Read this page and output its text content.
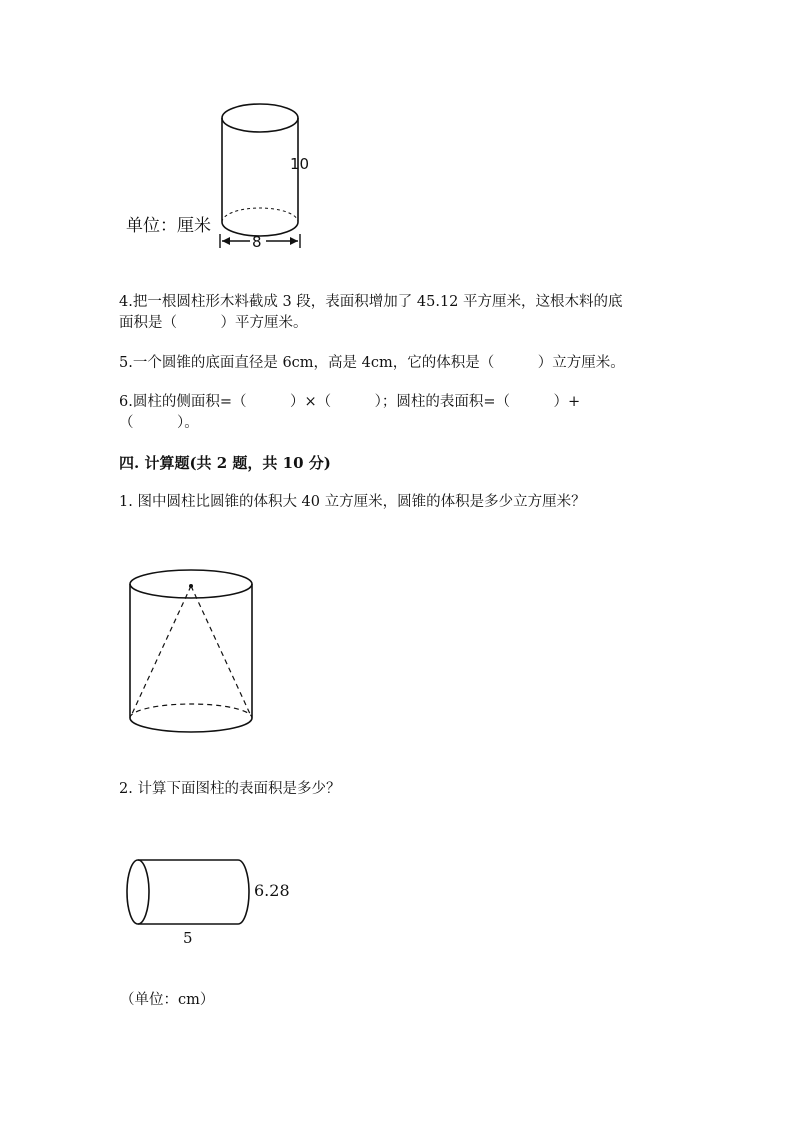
10
8
单位：厘米
4.把一根圆柱形木料截成 3 段，表面积增加了 45.12 平方厘米，这根木料的底
面积是（　　　）平方厘米。
5.一个圆锥的底面直径是 6cm，高是 4cm，它的体积是（　　　）立方厘米。
6.圆柱的侧面积=（　　　）×（　　　）；圆柱的表面积=（　　　）+
（　　　）。
四. 计算题(共 2 题，共 10 分)
1. 图中圆柱比圆锥的体积大 40 立方厘米，圆锥的体积是多少立方厘米？
2. 计算下面图柱的表面积是多少？
6.28
5
（单位：cm）
